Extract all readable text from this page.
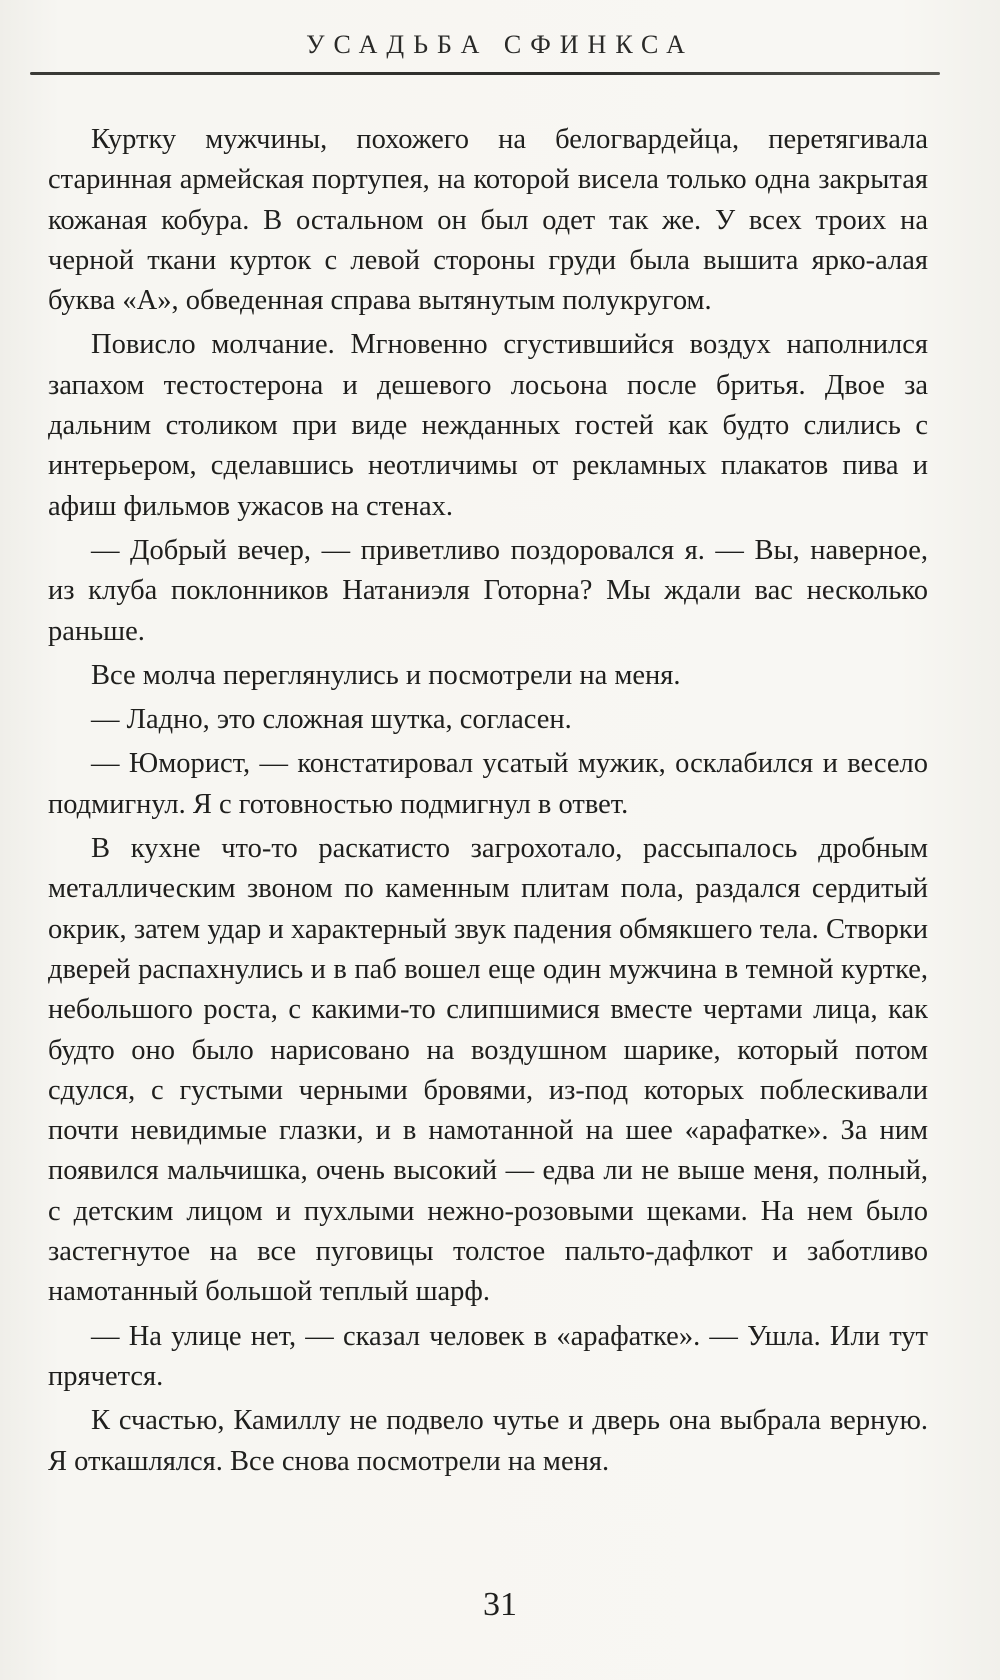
УСАДЬБА СФИНКСА

Куртку мужчины, похожего на белогвардейца, перетягивала старинная армейская портупея, на которой висела только одна закрытая кожаная кобура. В остальном он был одет так же. У всех троих на черной ткани курток с левой стороны груди была вышита ярко-алая буква «А», обведенная справа вытянутым полукругом.

Повисло молчание. Мгновенно сгустившийся воздух наполнился запахом тестостерона и дешевого лосьона после бритья. Двое за дальним столиком при виде нежданных гостей как будто слились с интерьером, сделавшись неотличимы от рекламных плакатов пива и афиш фильмов ужасов на стенах.

— Добрый вечер, — приветливо поздоровался я. — Вы, наверное, из клуба поклонников Натаниэля Готорна? Мы ждали вас несколько раньше.

Все молча переглянулись и посмотрели на меня.

— Ладно, это сложная шутка, согласен.

— Юморист, — констатировал усатый мужик, осклабился и весело подмигнул. Я с готовностью подмигнул в ответ.

В кухне что-то раскатисто загрохотало, рассыпалось дробным металлическим звоном по каменным плитам пола, раздался сердитый окрик, затем удар и характерный звук падения обмякшего тела. Створки дверей распахнулись и в паб вошел еще один мужчина в темной куртке, небольшого роста, с какими-то слипшимися вместе чертами лица, как будто оно было нарисовано на воздушном шарике, который потом сдулся, с густыми черными бровями, из-под которых поблескивали почти невидимые глазки, и в намотанной на шее «арафатке». За ним появился мальчишка, очень высокий — едва ли не выше меня, полный, с детским лицом и пухлыми нежно-розовыми щеками. На нем было застегнутое на все пуговицы толстое пальто-дафлкот и заботливо намотанный большой теплый шарф.

— На улице нет, — сказал человек в «арафатке». — Ушла. Или тут прячется.

К счастью, Камиллу не подвело чутье и дверь она выбрала верную. Я откашлялся. Все снова посмотрели на меня.

31
